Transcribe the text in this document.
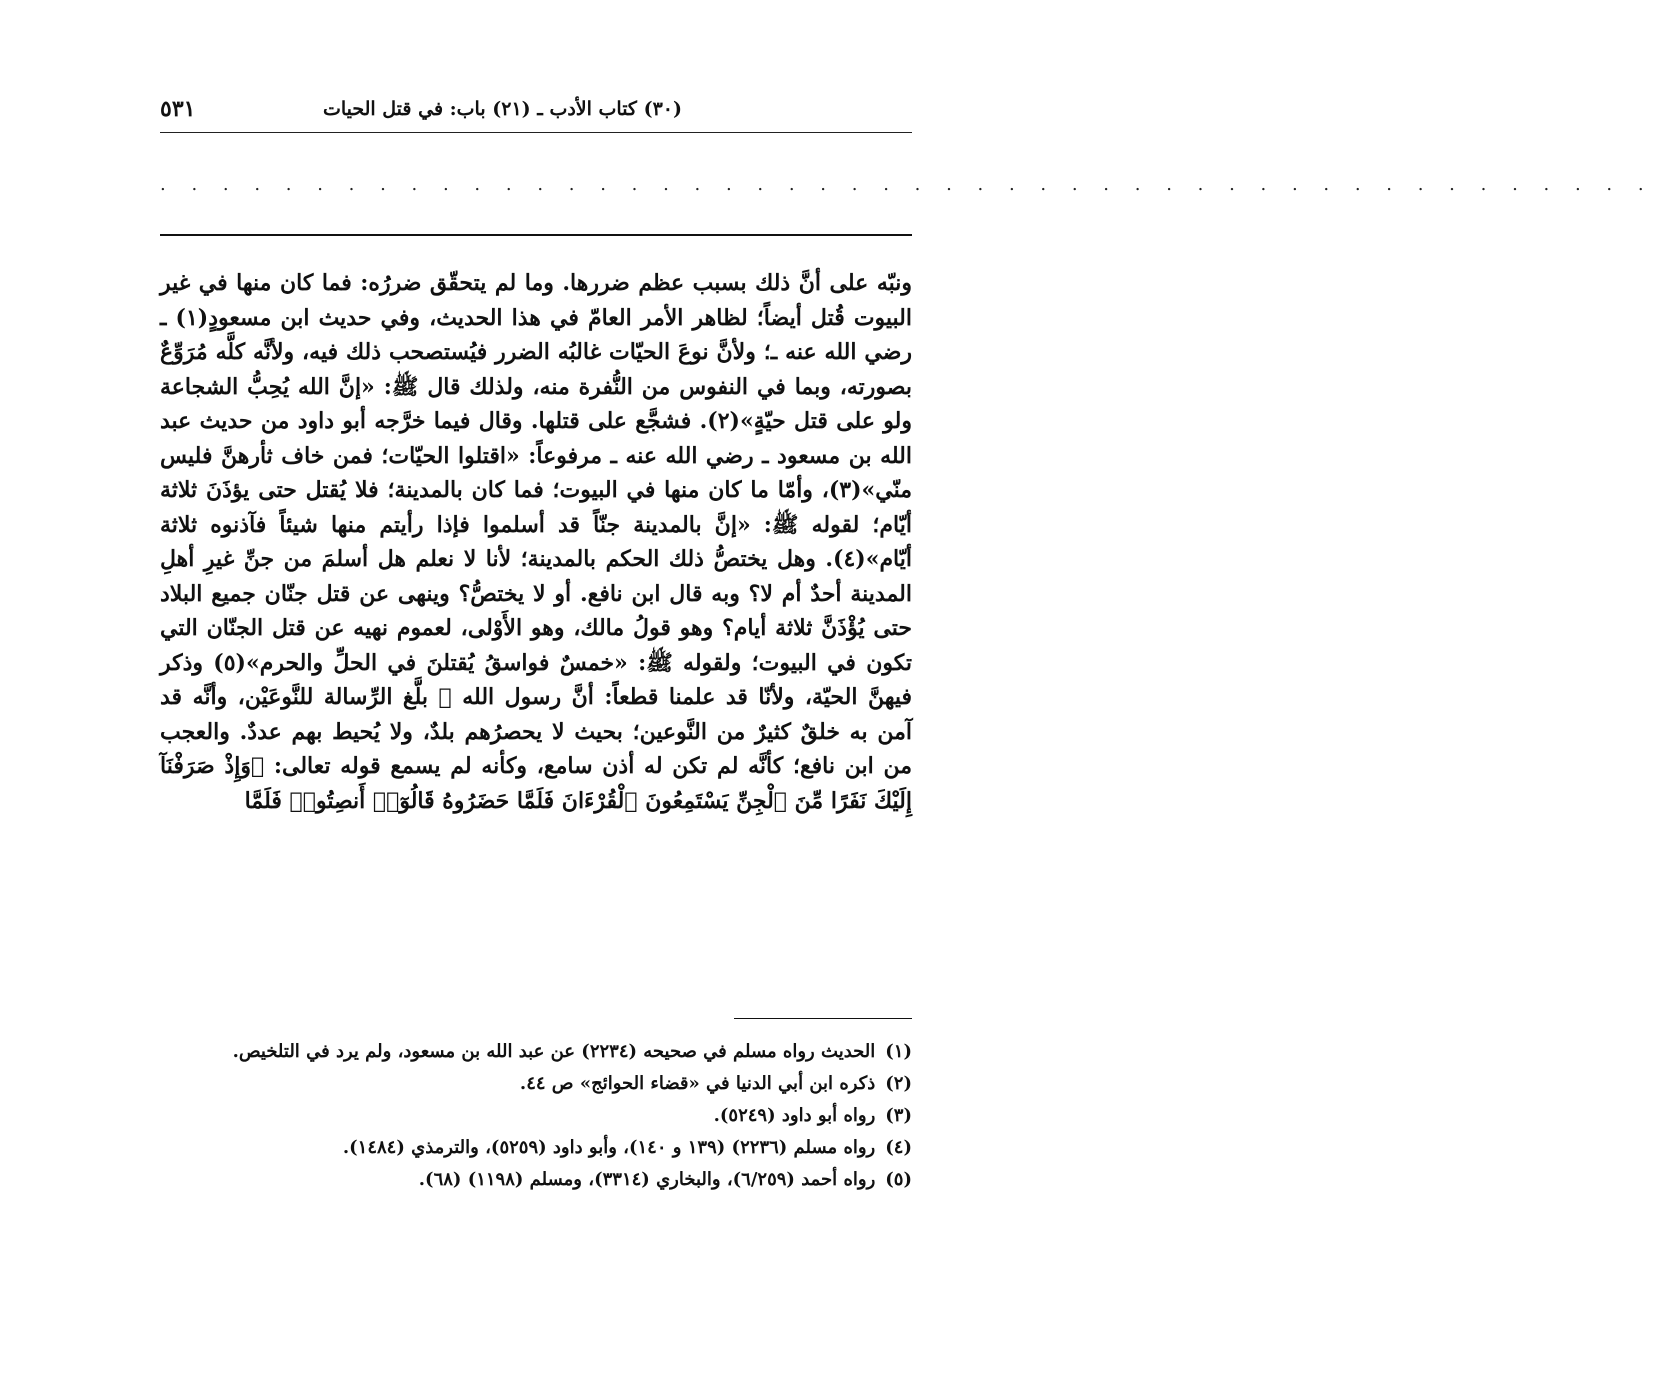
(٣٠) كتاب الأدب ـ (٢١) باب: في قتل الحيات
٥٣١
. . . . . . . . . . . . . . . . . . . . . . . . . . . . . . . . . . . . . . . . . . . . . . . .

ونبّه على أنَّ ذلك بسبب عظم ضررها. وما لم يتحقّق ضررُه: فما كان منها في غير البيوت قُتل أيضاً؛ لظاهر الأمر العامّ في هذا الحديث، وفي حديث ابن مسعودٍ(١) ـ رضي الله عنه ـ؛ ولأنَّ نوعَ الحيّات غالبُه الضرر فيُستصحب ذلك فيه، ولأنَّه كلَّه مُرَوِّعٌ بصورته، وبما في النفوس من النُّفرة منه، ولذلك قال ﷺ: «إنَّ الله يُحِبُّ الشجاعة ولو على قتل حيّةٍ»(٢). فشجَّع على قتلها. وقال فيما خرَّجه أبو داود من حديث عبد الله بن مسعود ـ رضي الله عنه ـ مرفوعاً: «اقتلوا الحيّات؛ فمن خاف ثأرهنَّ فليس منّي»(٣)، وأمّا ما كان منها في البيوت؛ فما كان بالمدينة؛ فلا يُقتل حتى يؤذَنَ ثلاثة أيّام؛ لقوله ﷺ: «إنَّ بالمدينة جنّاً قد أسلموا فإذا رأيتم منها شيئاً فآذنوه ثلاثة أيّام»(٤). وهل يختصُّ ذلك الحكم بالمدينة؛ لأنا لا نعلم هل أسلمَ من جنِّ غيرِ أهلِ المدينة أحدٌ أم لا؟ وبه قال ابن نافع. أو لا يختصُّ؟ وينهى عن قتل جنّان جميع البلاد حتى يُؤْذَنَّ ثلاثة أيام؟ وهو قولُ مالك، وهو الأَوْلى، لعموم نهيه عن قتل الجنّان التي تكون في البيوت؛ ولقوله ﷺ: «خمسٌ فواسقُ يُقتلنَ في الحلِّ والحرم»(٥) وذكر فيهنَّ الحيّة، ولأنّا قد علمنا قطعاً: أنَّ رسول الله ﷺ بلَّغ الرِّسالة للنَّوعَيْن، وأنَّه قد آمن به خلقٌ كثيرٌ من النَّوعين؛ بحيث لا يحصرُهم بلدٌ، ولا يُحيط بهم عددٌ. والعجب من ابن نافع؛ كأنَّه لم تكن له أذن سامع، وكأنه لم يسمع قوله تعالى: ﴿وَإِذْ صَرَفْنَآ إِلَيْكَ نَفَرًا مِّنَ ٱلْجِنِّ يَسْتَمِعُونَ ٱلْقُرْءَانَ فَلَمَّا حَضَرُوهُ قَالُوٓا۟ أَنصِتُوا۟ فَلَمَّا

(١)
الحديث رواه مسلم في صحيحه (٢٢٣٤) عن عبد الله بن مسعود، ولم يرد في التلخيص.
(٢)
ذكره ابن أبي الدنيا في «قضاء الحوائج» ص ٤٤.
(٣)
رواه أبو داود (٥٢٤٩).
(٤)
رواه مسلم (٢٢٣٦) (١٣٩ و ١٤٠)، وأبو داود (٥٢٥٩)، والترمذي (١٤٨٤).
(٥)
رواه أحمد (٦/٢٥٩)، والبخاري (٣٣١٤)، ومسلم (١١٩٨) (٦٨).
